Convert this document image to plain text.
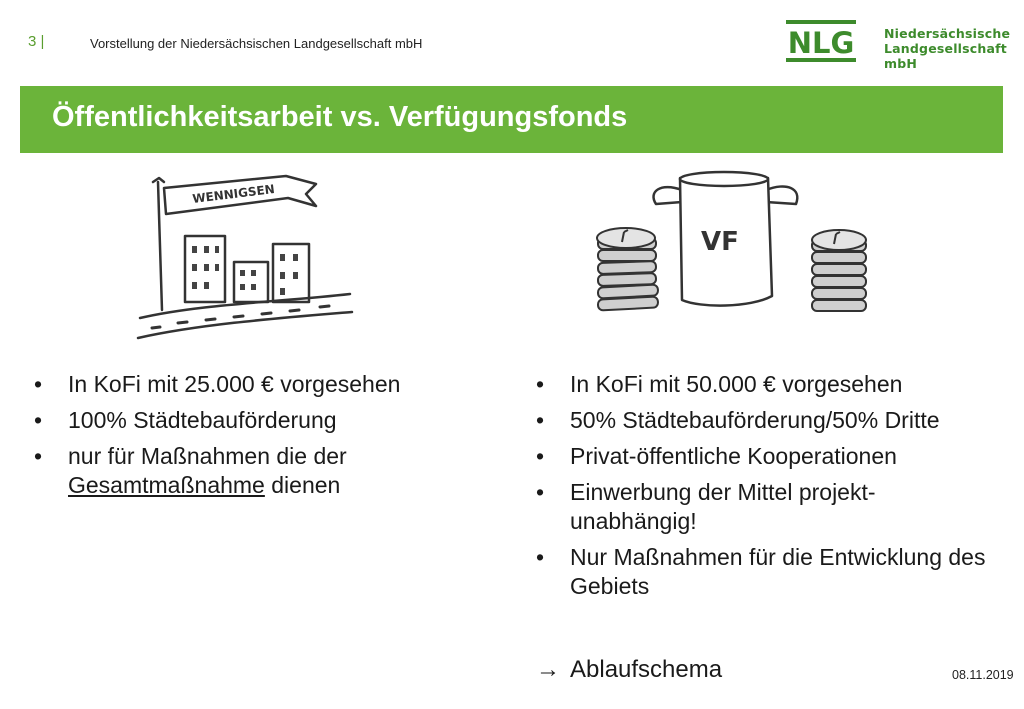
3 |	Vorstellung der Niedersächsischen Landgesellschaft mbH	NLG Niedersächsische
Landgesellschaft mbH
Öffentlichkeitsarbeit vs. Verfügungsfonds
WENNIGSEN
VF
• In KoFi mit 25.000 € vorgesehen
• 100% Städtebauförderung
• nur für Maßnahmen die der Gesamtmaßnahme dienen
• In KoFi mit 50.000 € vorgesehen
• 50% Städtebauförderung/50% Dritte
• Privat-öffentliche Kooperationen
• Einwerbung der Mittel projekt-unabhängig!
• Nur Maßnahmen für die Entwicklung des Gebiets
→ Ablaufschema	08.11.2019
